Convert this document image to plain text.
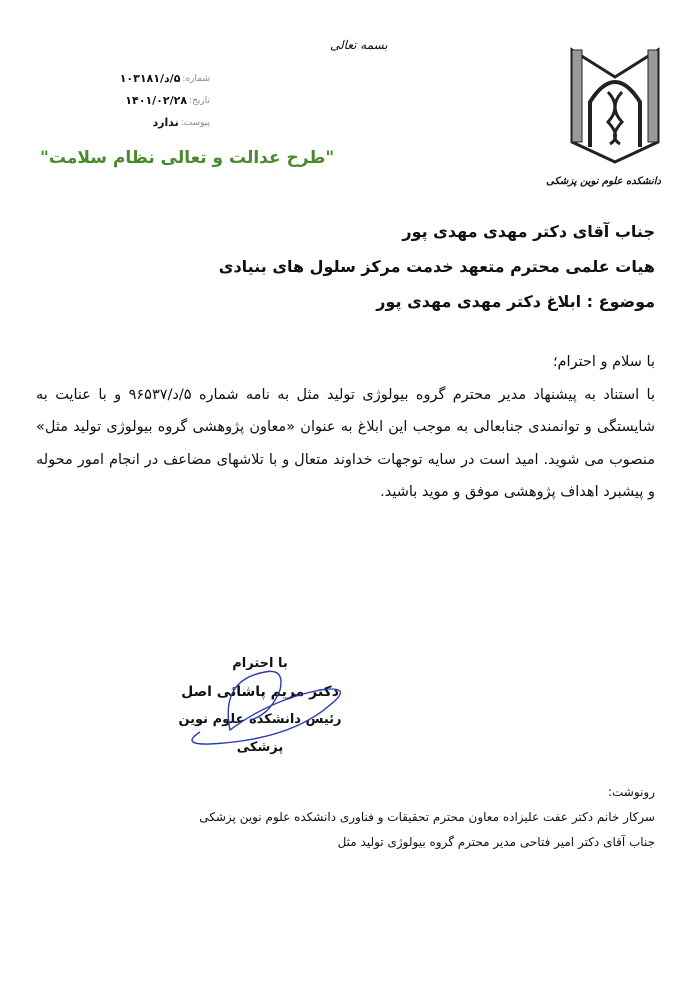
بسمه تعالی
شماره:
۵/د/۱۰۳۱۸۱
تاریخ:
۱۴۰۱/۰۲/۲۸
پیوست:
ندارد
"طرح عدالت و تعالی نظام سلامت"
دانشکده علوم نوین پزشکی
جناب آقای دکتر مهدی مهدی پور
هیات علمی محترم متعهد خدمت مرکز سلول های بنیادی
موضوع : ابلاغ دکتر مهدی مهدی پور
با سلام و احترام؛
با استناد به پیشنهاد مدیر محترم گروه بیولوژی تولید مثل به نامه شماره ۵/د/۹۶۵۳۷ و با عنایت به شایستگی و توانمندی جنابعالی به موجب این ابلاغ به عنوان «معاون پژوهشی گروه بیولوژی تولید مثل» منصوب می شوید. امید است در سایه توجهات خداوند متعال و با تلاشهای مضاعف در انجام امور محوله و پیشبرد اهداف پژوهشی موفق و موید باشید.
با احترام
دکتر مریم پاشائی اصل
رئیس دانشکده علوم نوین پزشکی
رونوشت:
سرکار خانم دکتر عفت علیزاده معاون محترم تحقیقات و فناوری دانشکده علوم نوین پزشکی
جناب آقای دکتر امیر فتاحی مدیر محترم گروه بیولوژی تولید مثل
